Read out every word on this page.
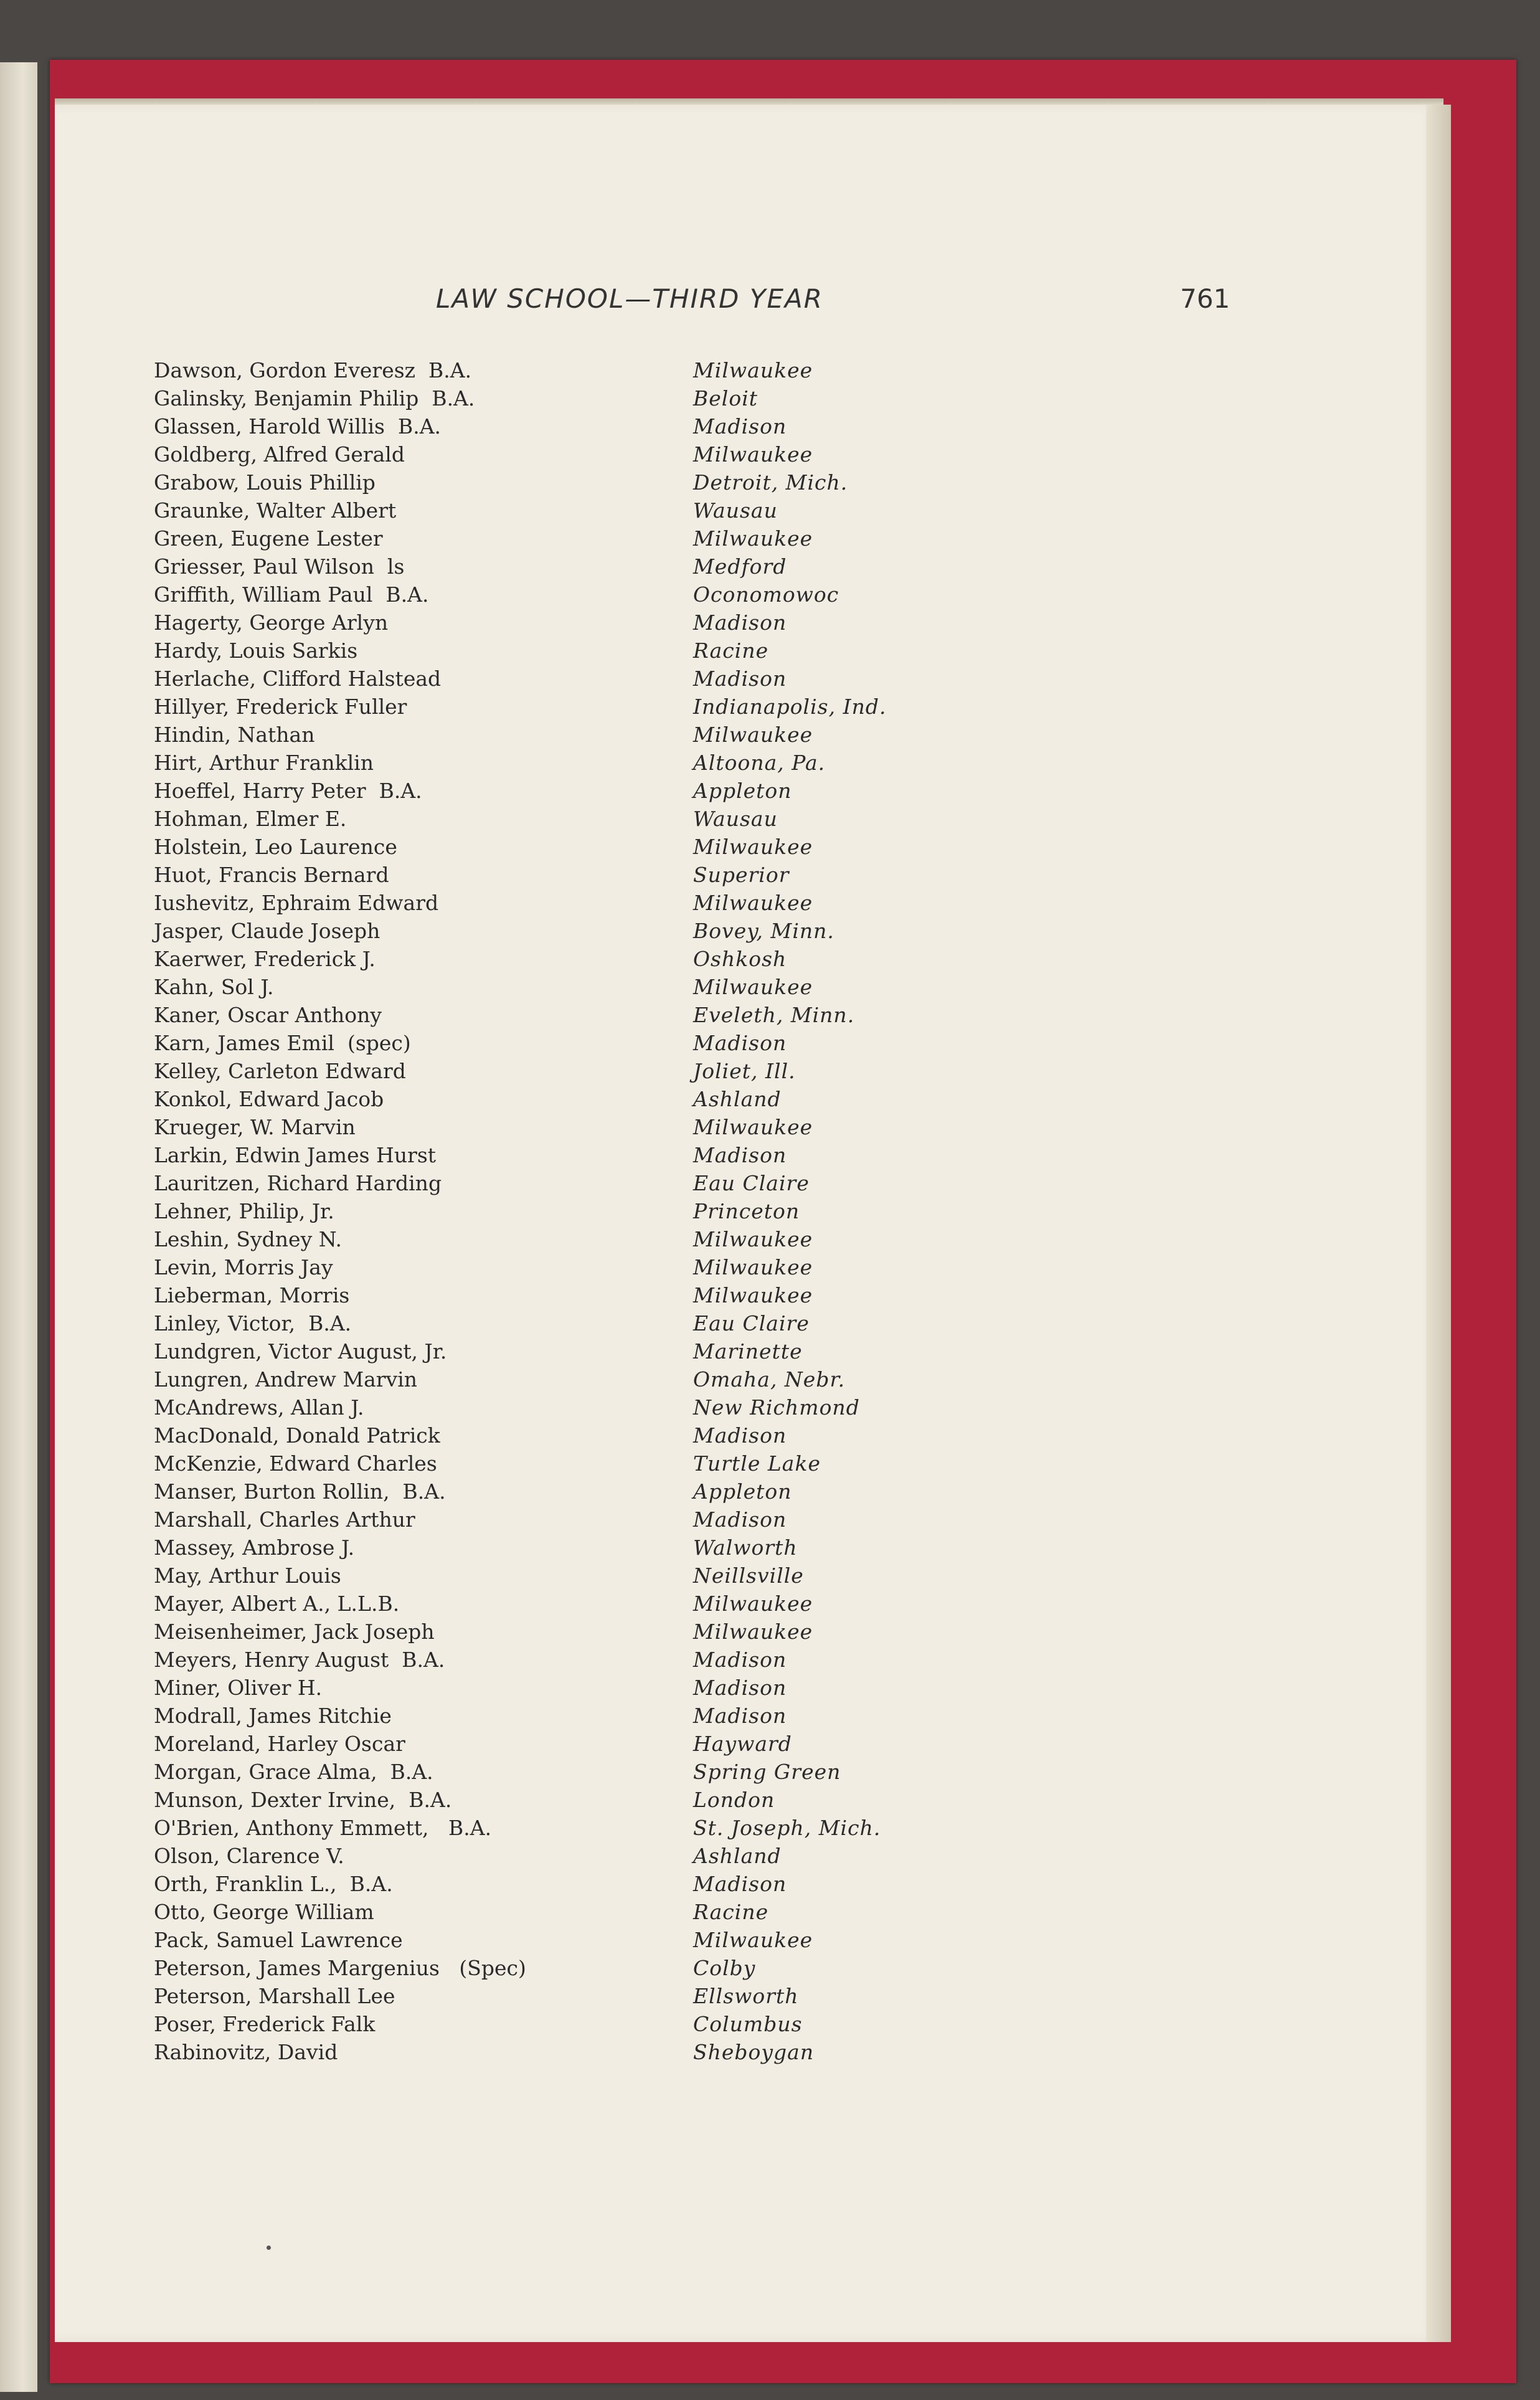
LAW SCHOOL—THIRD YEAR	761
Dawson, Gordon Everesz  B.A.	Milwaukee
Galinsky, Benjamin Philip  B.A.	Beloit
Glassen, Harold Willis  B.A.	Madison
Goldberg, Alfred Gerald	Milwaukee
Grabow, Louis Phillip	Detroit, Mich.
Graunke, Walter Albert	Wausau
Green, Eugene Lester	Milwaukee
Griesser, Paul Wilson  ls	Medford
Griffith, William Paul  B.A.	Oconomowoc
Hagerty, George Arlyn	Madison
Hardy, Louis Sarkis	Racine
Herlache, Clifford Halstead	Madison
Hillyer, Frederick Fuller	Indianapolis, Ind.
Hindin, Nathan	Milwaukee
Hirt, Arthur Franklin	Altoona, Pa.
Hoeffel, Harry Peter  B.A.	Appleton
Hohman, Elmer E.	Wausau
Holstein, Leo Laurence	Milwaukee
Huot, Francis Bernard	Superior
Iushevitz, Ephraim Edward	Milwaukee
Jasper, Claude Joseph	Bovey, Minn.
Kaerwer, Frederick J.	Oshkosh
Kahn, Sol J.	Milwaukee
Kaner, Oscar Anthony	Eveleth, Minn.
Karn, James Emil  (spec)	Madison
Kelley, Carleton Edward	Joliet, Ill.
Konkol, Edward Jacob	Ashland
Krueger, W. Marvin	Milwaukee
Larkin, Edwin James Hurst	Madison
Lauritzen, Richard Harding	Eau Claire
Lehner, Philip, Jr.	Princeton
Leshin, Sydney N.	Milwaukee
Levin, Morris Jay	Milwaukee
Lieberman, Morris	Milwaukee
Linley, Victor,  B.A.	Eau Claire
Lundgren, Victor August, Jr.	Marinette
Lungren, Andrew Marvin	Omaha, Nebr.
McAndrews, Allan J.	New Richmond
MacDonald, Donald Patrick	Madison
McKenzie, Edward Charles	Turtle Lake
Manser, Burton Rollin,  B.A.	Appleton
Marshall, Charles Arthur	Madison
Massey, Ambrose J.	Walworth
May, Arthur Louis	Neillsville
Mayer, Albert A., L.L.B.	Milwaukee
Meisenheimer, Jack Joseph	Milwaukee
Meyers, Henry August  B.A.	Madison
Miner, Oliver H.	Madison
Modrall, James Ritchie	Madison
Moreland, Harley Oscar	Hayward
Morgan, Grace Alma,  B.A.	Spring Green
Munson, Dexter Irvine,  B.A.	London
O'Brien, Anthony Emmett,   B.A.	St. Joseph, Mich.
Olson, Clarence V.	Ashland
Orth, Franklin L.,  B.A.	Madison
Otto, George William	Racine
Pack, Samuel Lawrence	Milwaukee
Peterson, James Margenius   (Spec)	Colby
Peterson, Marshall Lee	Ellsworth
Poser, Frederick Falk	Columbus
Rabinovitz, David	Sheboygan
